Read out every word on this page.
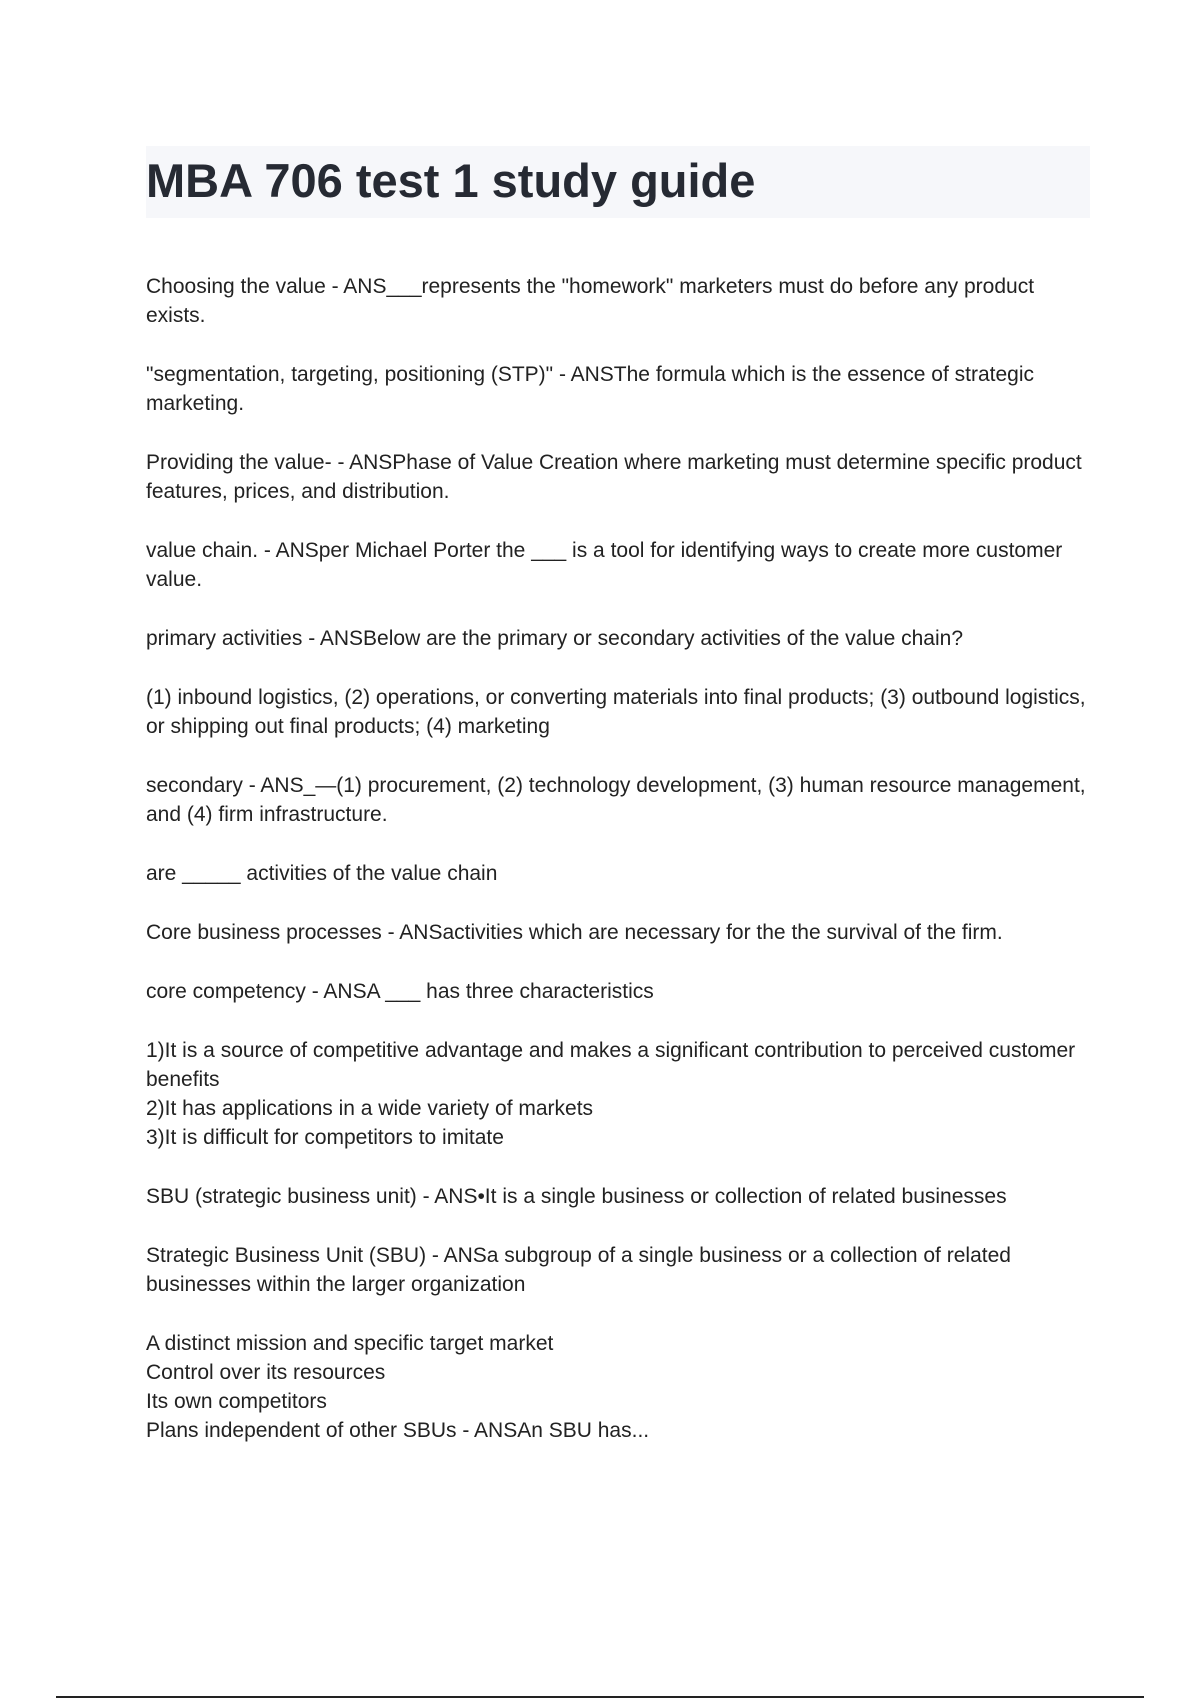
MBA 706 test 1 study guide

Choosing the value - ANS___represents the "homework" marketers must do before any product exists.

"segmentation, targeting, positioning (STP)" - ANSThe formula which is the essence of strategic marketing.

Providing the value- - ANSPhase of Value Creation where marketing must determine specific product features, prices, and distribution.

value chain. - ANSper Michael Porter the ___ is a tool for identifying ways to create more customer value.

primary activities - ANSBelow are the primary or secondary activities of the value chain?

(1) inbound logistics, (2) operations, or converting materials into final products; (3) outbound logistics, or shipping out final products; (4) marketing

secondary - ANS_—(1) procurement, (2) technology development, (3) human resource management, and (4) firm infrastructure.

are _____ activities of the value chain

Core business processes - ANSactivities which are necessary for the the survival of the firm.

core competency - ANSA ___ has three characteristics

1)It is a source of competitive advantage and makes a significant contribution to perceived customer benefits
2)It has applications in a wide variety of markets
3)It is difficult for competitors to imitate

SBU (strategic business unit) - ANS•It is a single business or collection of related businesses

Strategic Business Unit (SBU) - ANSa subgroup of a single business or a collection of related businesses within the larger organization

A distinct mission and specific target market
Control over its resources
Its own competitors
Plans independent of other SBUs - ANSAn SBU has...
